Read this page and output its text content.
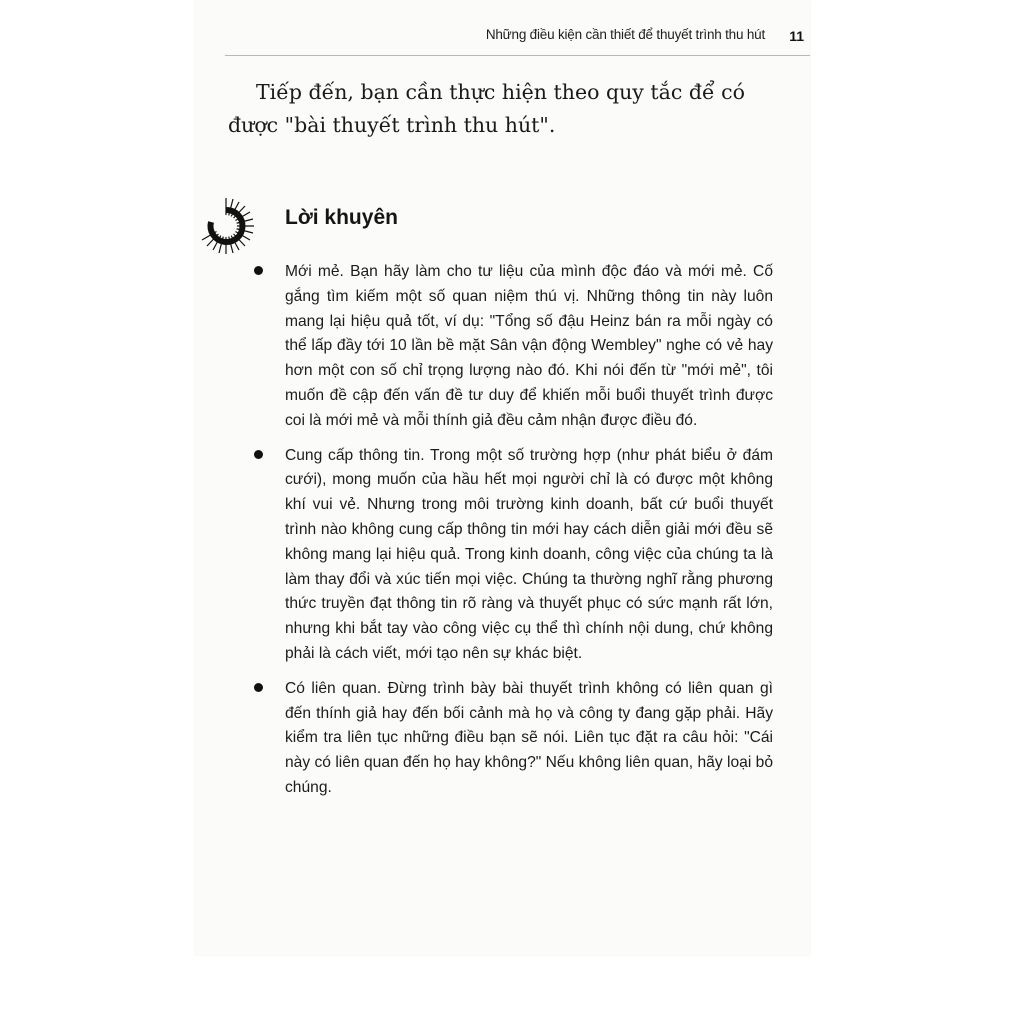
Những điều kiện cần thiết để thuyết trình thu hút 11

Tiếp đến, bạn cần thực hiện theo quy tắc để có được "bài thuyết trình thu hút".

Lời khuyên
Mới mẻ. Bạn hãy làm cho tư liệu của mình độc đáo và mới mẻ. Cố gắng tìm kiếm một số quan niệm thú vị. Những thông tin này luôn mang lại hiệu quả tốt, ví dụ: "Tổng số đậu Heinz bán ra mỗi ngày có thể lấp đầy tới 10 lần bề mặt Sân vận động Wembley" nghe có vẻ hay hơn một con số chỉ trọng lượng nào đó. Khi nói đến từ "mới mẻ", tôi muốn đề cập đến vấn đề tư duy để khiến mỗi buổi thuyết trình được coi là mới mẻ và mỗi thính giả đều cảm nhận được điều đó.
Cung cấp thông tin. Trong một số trường hợp (như phát biểu ở đám cưới), mong muốn của hầu hết mọi người chỉ là có được một không khí vui vẻ. Nhưng trong môi trường kinh doanh, bất cứ buổi thuyết trình nào không cung cấp thông tin mới hay cách diễn giải mới đều sẽ không mang lại hiệu quả. Trong kinh doanh, công việc của chúng ta là làm thay đổi và xúc tiến mọi việc. Chúng ta thường nghĩ rằng phương thức truyền đạt thông tin rõ ràng và thuyết phục có sức mạnh rất lớn, nhưng khi bắt tay vào công việc cụ thể thì chính nội dung, chứ không phải là cách viết, mới tạo nên sự khác biệt.
Có liên quan. Đừng trình bày bài thuyết trình không có liên quan gì đến thính giả hay đến bối cảnh mà họ và công ty đang gặp phải. Hãy kiểm tra liên tục những điều bạn sẽ nói. Liên tục đặt ra câu hỏi: "Cái này có liên quan đến họ hay không?" Nếu không liên quan, hãy loại bỏ chúng.
